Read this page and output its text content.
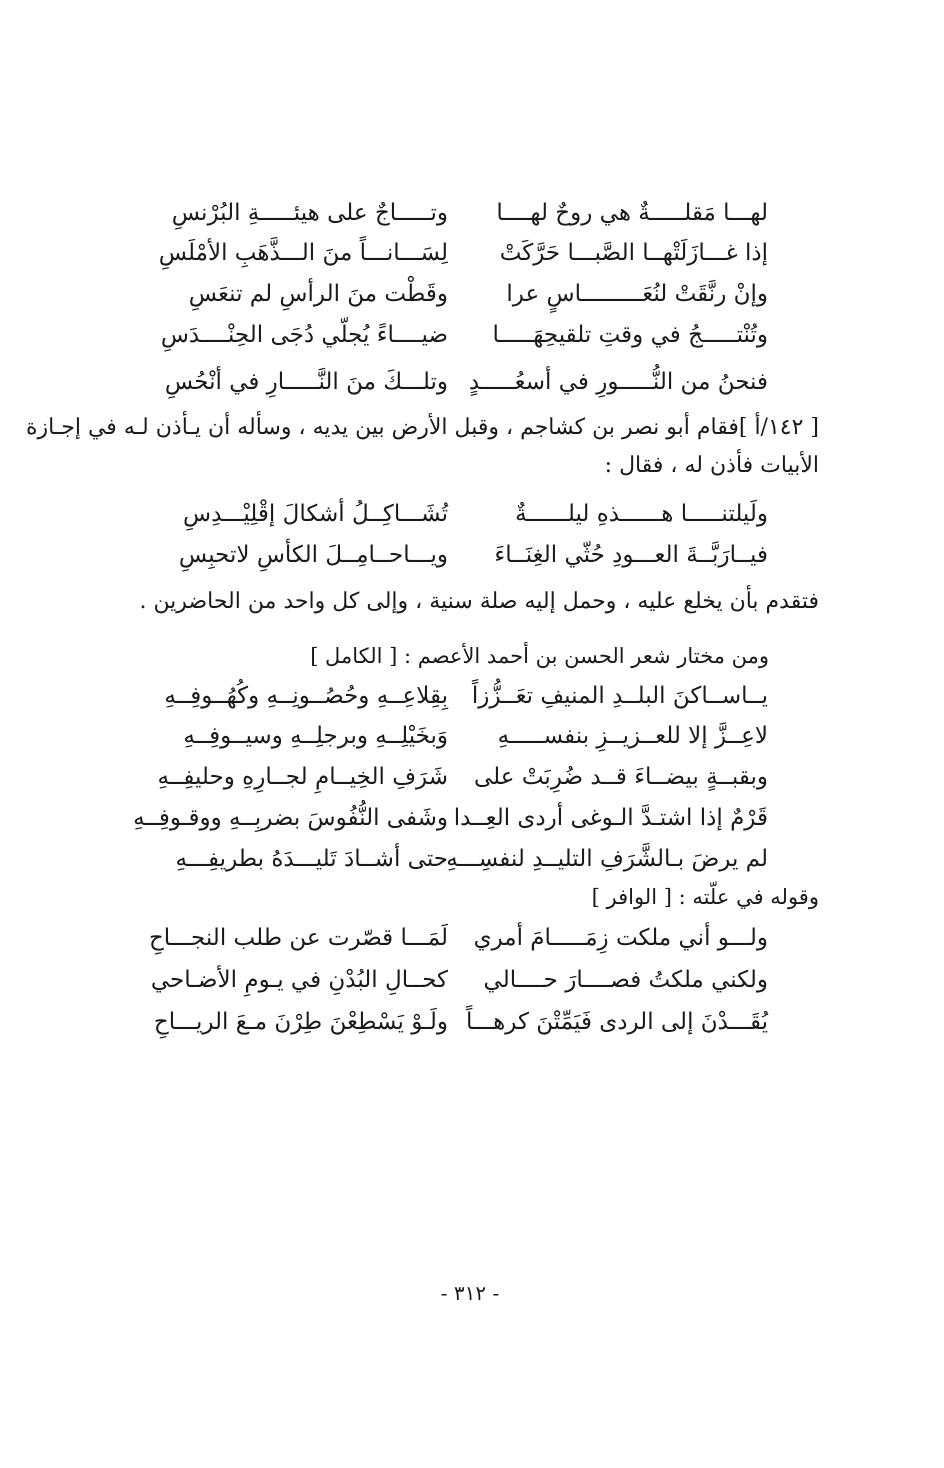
لهـــا مَقلـــــةٌ هي روحٌ لهــــا
وتـــــاجٌ على هيئـــــةِ البُرْنسِ
إذا غـــازَلَتْهــا الصَّبـــا حَرَّكَتْ
لِسَـــانـــاً منَ الـــذَّهَبِ الأمْلَسِ
وإنْ رنَّقَتْ لنُعَـــــــــاسٍ عرا
وقَطْت منَ الرأسِ لم تنعَسِ
وتُنْتـــــجُ في وقتِ تلقيحِهَـــــا
ضيــــاءً يُجلّي دُجَى الحِنْــــدَسِ
فنحنُ من النُّـــــورِ في أسعُـــــدٍ
وتلـــكَ منَ النَّـــــارِ في أنْحُسِ
[ ١٤٢/أ ]فقام أبو نصر بن كشاجم ، وقبل الأرض بين يديه ، وسأله أن يـأذن لـه في إجـازة
الأبيات فأذن له ، فقال :
ولَيلتنـــــا هــــــذهِ ليلــــــةٌ
تُشَـــاكِــلُ أشكالَ إقْلِيْـــدِسِ
فيــارَبَّــةَ العـــودِ حُثّي الغِنَــاءَ
ويـــاحــامِــلَ الكأسِ لاتحبِسِ
فتقدم بأن يخلع عليه ، وحمل إليه صلة سنية ، وإلى كل واحد من الحاضرين .
ومن مختار شعر الحسن بن أحمد الأعصم : [ الكامل ]
يــاســاكنَ البلــدِ المنيفِ تعَــزُّزاً
بِقِلاعِــهِ وحُصُــونِــهِ وكُهُــوفِــهِ
لاعِــزَّ إلا للعــزيــزِ بنفســـــهِ
وَبخَيْلِــهِ وبرجلِــهِ وسيــوفِــهِ
وبقبــةٍ بيضــاءَ قــد ضُرِبَتْ على
شَرَفِ الخِيــامِ لجــارِهِ وحليفِــهِ
قَرْمٌ إذا اشتـدَّ الـوغى أردى العِــدا
وشَفى النُّفُوسَ بضربِــهِ ووقـوفِــهِ
لم يرضَ بـالشَّرَفِ التليــدِ لنفسِـــهِ
حتى أشــادَ تَليـــدَهُ بطريفِـــهِ
وقوله في علّته : [ الوافر ]
ولـــو أني ملكت زِمَـــــامَ أمري
لَمَـــا قصّرت عن طلب النجـــاحِ
ولكني ملكتُ فصــــارَ حــــالي
كحــالِ البُدْنِ في يـومِ الأضـاحي
يُقَـــدْنَ إلى الردى فَيَمِّتْنَ كرهـــاً
ولَـوْ يَسْطِعْنَ طِرْنَ مـعَ الريـــاحِ
- ٣١٢ -
